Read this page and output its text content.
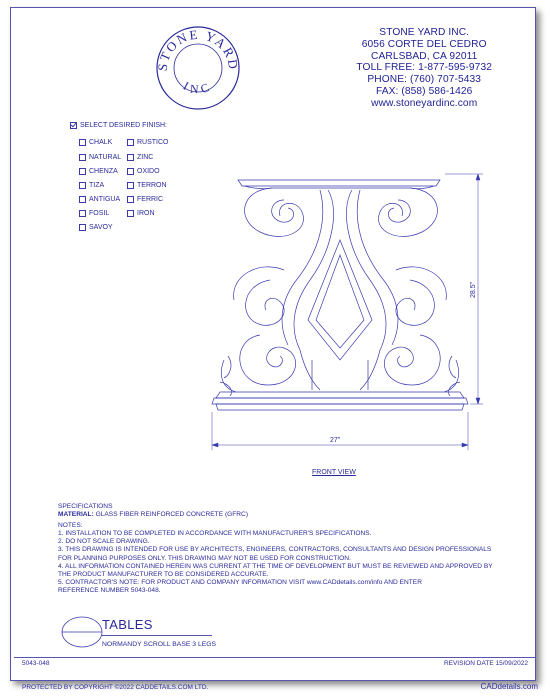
STONE YARD
INC
STONE YARD INC.
6056 CORTE DEL CEDRO
CARLSBAD, CA 92011
TOLL FREE: 1-877-595-9732
PHONE: (760) 707-5433
FAX: (858) 586-1426
www.stoneyardinc.com
SELECT DESIRED FINISH:
CHALK
NATURAL
CHENZA
TIZA
ANTIGUA
FOSIL
SAVOY
RUSTICO
ZINC
OXIDO
TERRON
FERRIC
IRON
27"
28.5"
FRONT VIEW
SPECIFICATIONS
MATERIAL: GLASS FIBER REINFORCED CONCRETE (GFRC)
NOTES:
1. INSTALLATION TO BE COMPLETED IN ACCORDANCE WITH MANUFACTURER'S SPECIFICATIONS.
2. DO NOT SCALE DRAWING.
3. THIS DRAWING IS INTENDED FOR USE BY ARCHITECTS, ENGINEERS, CONTRACTORS, CONSULTANTS AND DESIGN PROFESSIONALS
FOR PLANNING PURPOSES ONLY. THIS DRAWING MAY NOT BE USED FOR CONSTRUCTION.
4. ALL INFORMATION CONTAINED HEREIN WAS CURRENT AT THE TIME OF DEVELOPMENT BUT MUST BE REVIEWED AND APPROVED BY
THE PRODUCT MANUFACTURER TO BE CONSIDERED ACCURATE.
5. CONTRACTOR'S NOTE: FOR PRODUCT AND COMPANY INFORMATION VISIT www.CADdetails.com/info AND ENTER
REFERENCE NUMBER 5043-048.
TABLES
NORMANDY SCROLL BASE 3 LEGS
5043-048	REVISION DATE 15/09/2022
PROTECTED BY COPYRIGHT ©2022 CADDETAILS.COM LTD.	CADdetails.com
